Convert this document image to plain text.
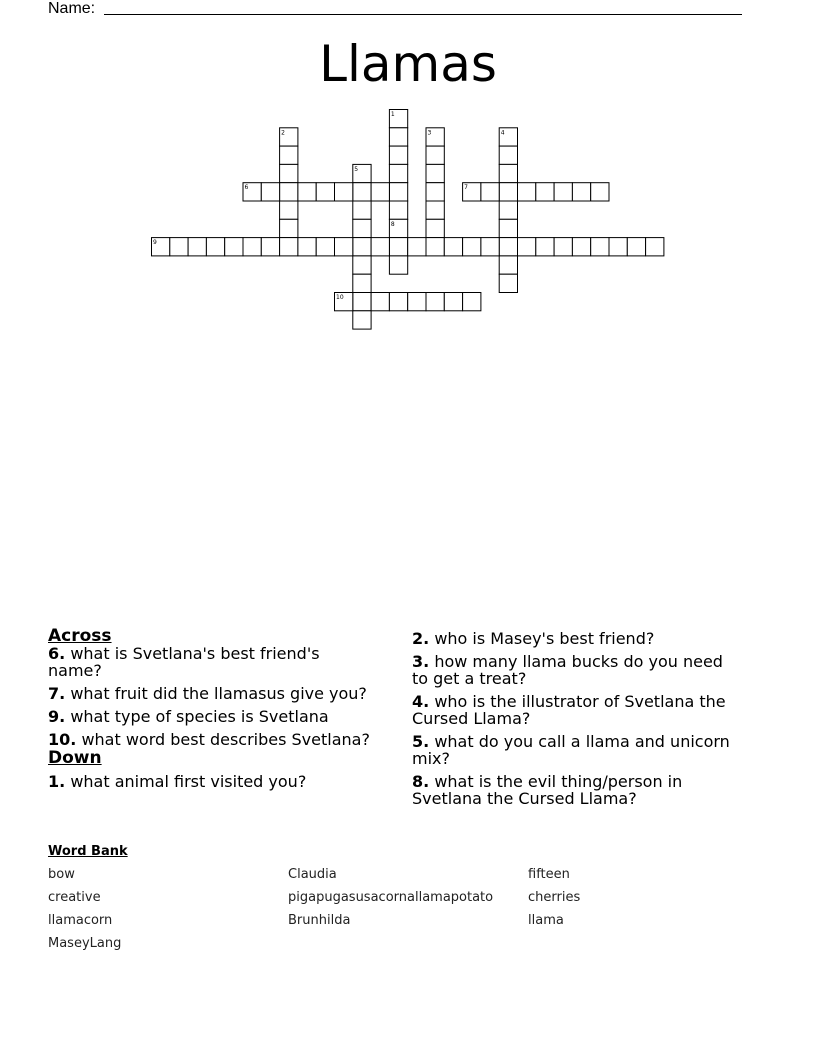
Name:
Llamas
1
2	3	4
5
6	7
8
9
10
Across
6. what is Svetlana's best friend's name?
7. what fruit did the llamasus give you?
9. what type of species is Svetlana
10. what word best describes Svetlana?
Down
1. what animal first visited you?
2. who is Masey's best friend?
3. how many llama bucks do you need to get a treat?
4. who is the illustrator of Svetlana the Cursed Llama?
5. what do you call a llama and unicorn mix?
8. what is the evil thing/person in Svetlana the Cursed Llama?
Word Bank
bow	Claudia	fifteen
creative	pigapugasusacornallamapotato	cherries
llamacorn	Brunhilda	llama
MaseyLang
